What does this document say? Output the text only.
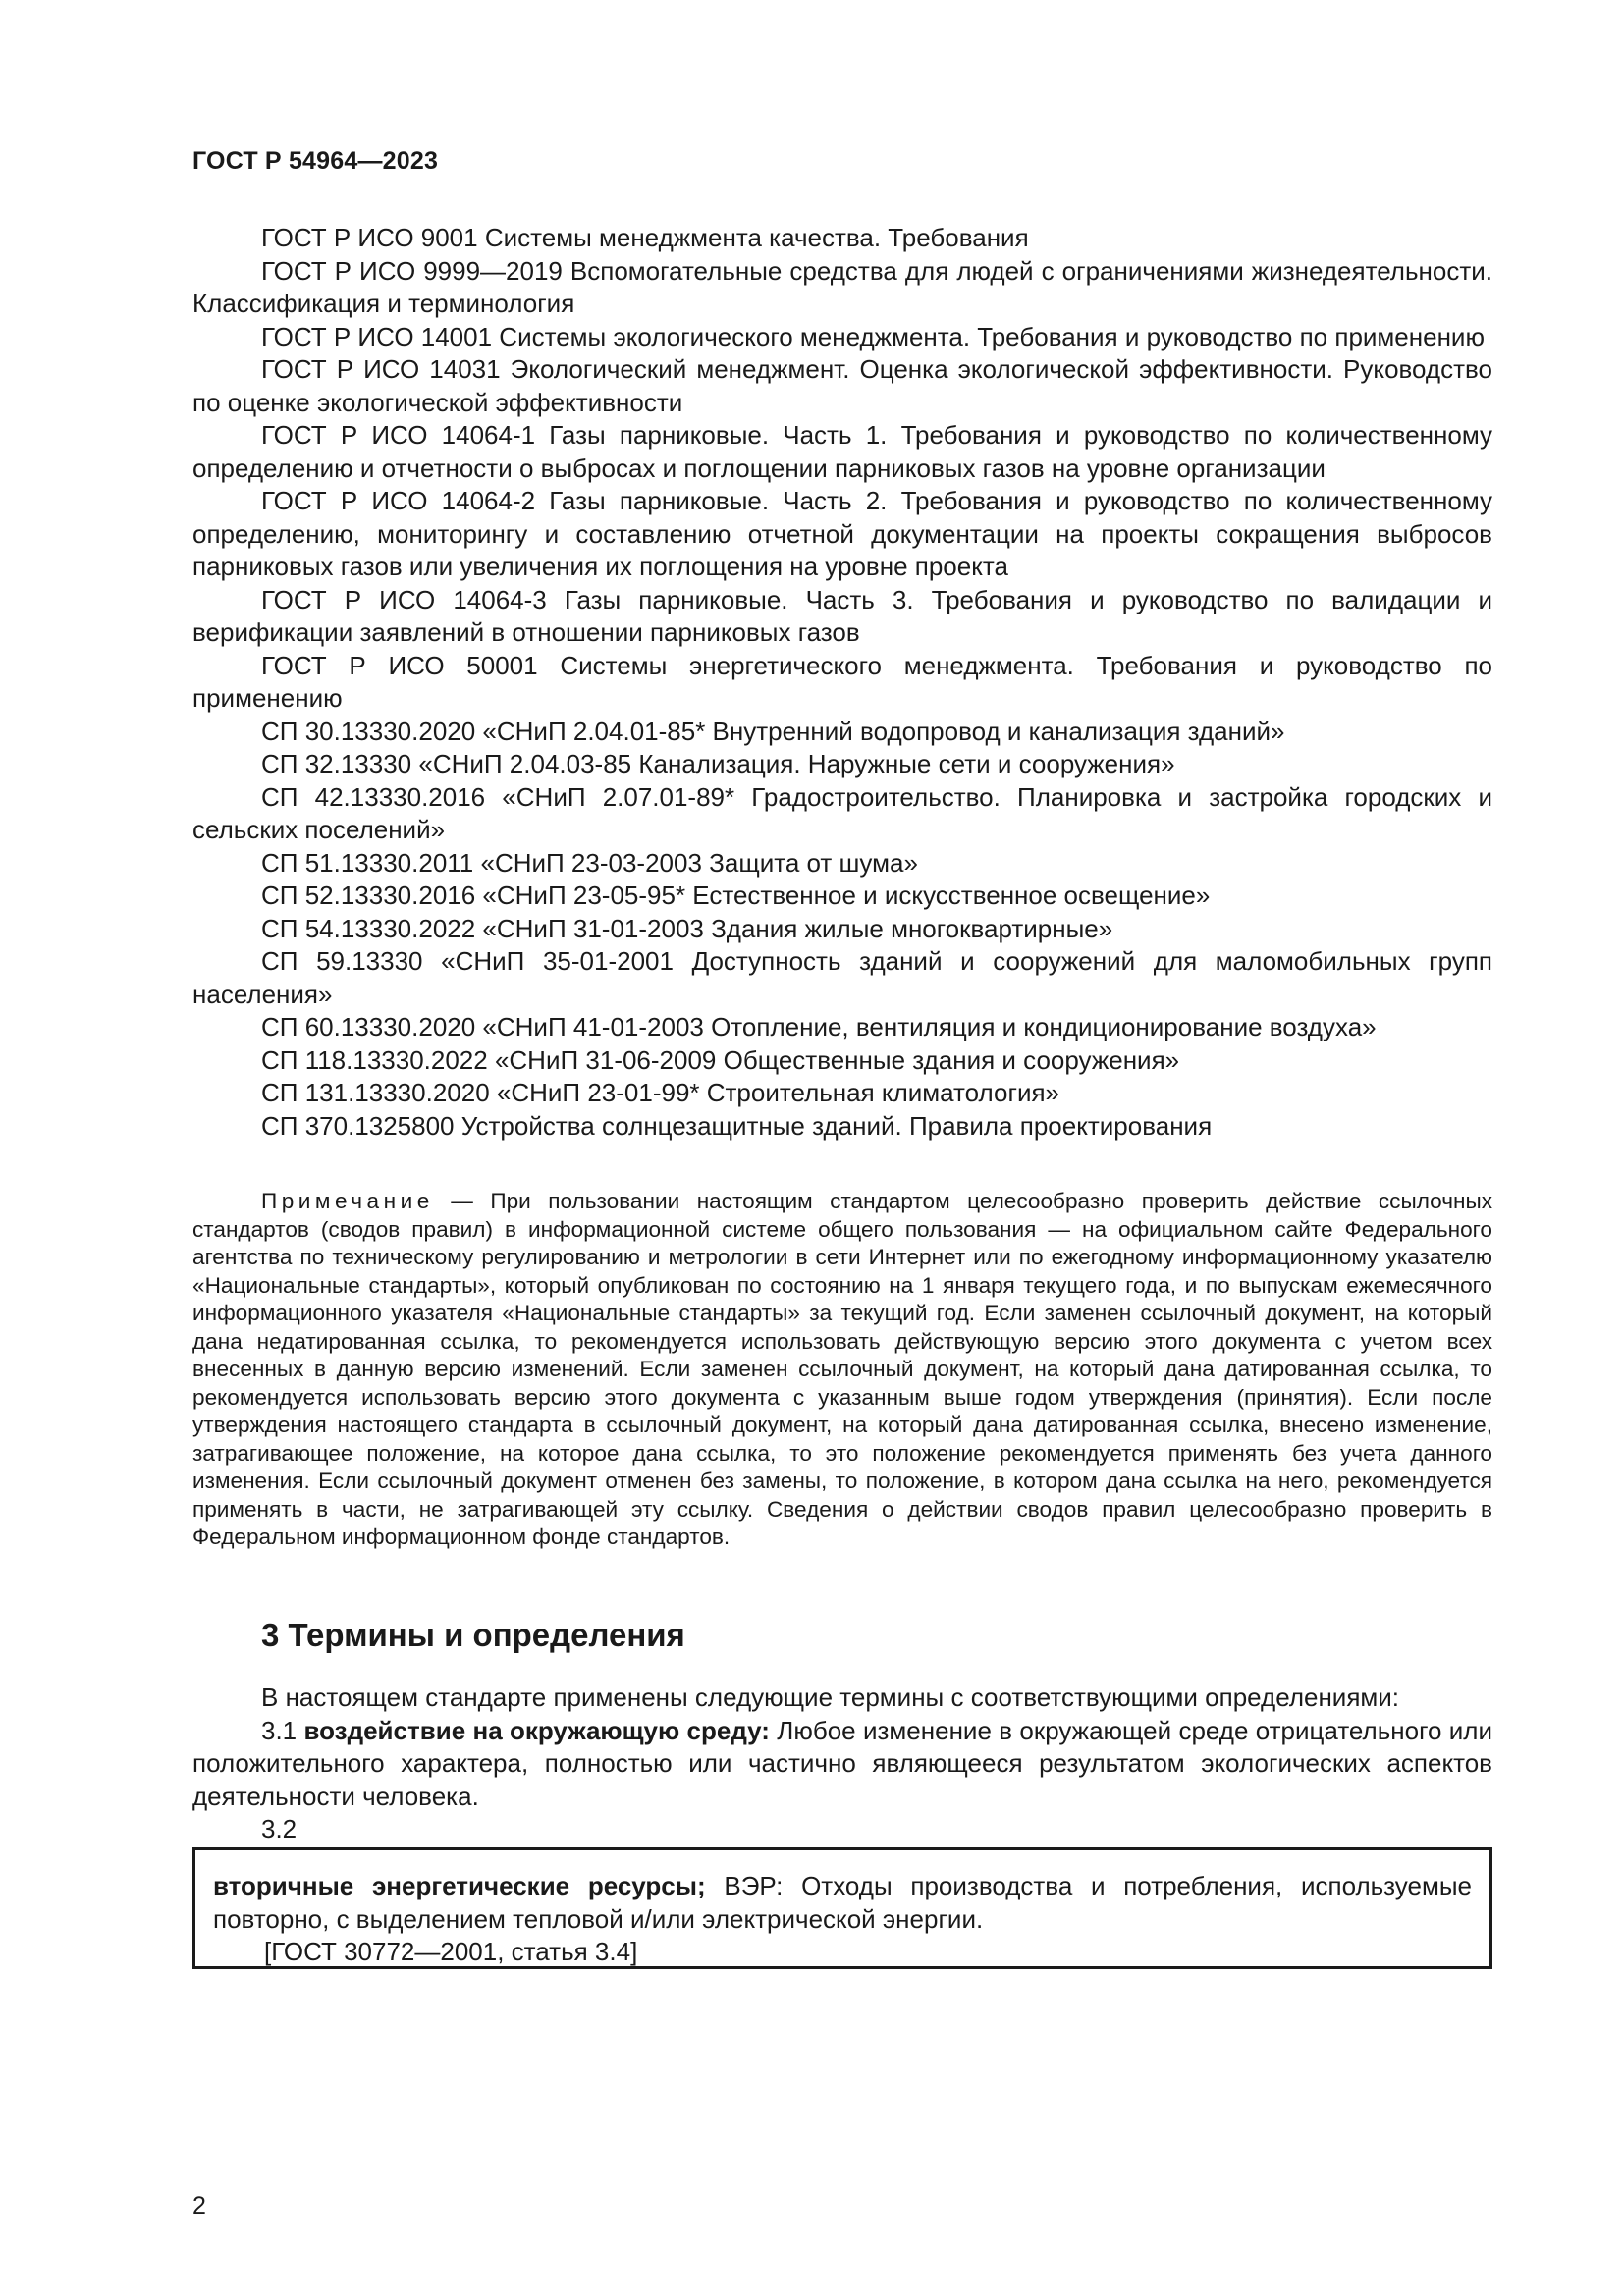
ГОСТ Р 54964—2023

ГОСТ Р ИСО 9001 Системы менеджмента качества. Требования

ГОСТ Р ИСО 9999—2019 Вспомогательные средства для людей с ограничениями жизнедеятельности. Классификация и терминология

ГОСТ Р ИСО 14001 Системы экологического менеджмента. Требования и руководство по применению

ГОСТ Р ИСО 14031 Экологический менеджмент. Оценка экологической эффективности. Руководство по оценке экологической эффективности

ГОСТ Р ИСО 14064-1 Газы парниковые. Часть 1. Требования и руководство по количественному определению и отчетности о выбросах и поглощении парниковых газов на уровне организации

ГОСТ Р ИСО 14064-2 Газы парниковые. Часть 2. Требования и руководство по количественному определению, мониторингу и составлению отчетной документации на проекты сокращения выбросов парниковых газов или увеличения их поглощения на уровне проекта

ГОСТ Р ИСО 14064-3 Газы парниковые. Часть 3. Требования и руководство по валидации и верификации заявлений в отношении парниковых газов

ГОСТ Р ИСО 50001 Системы энергетического менеджмента. Требования и руководство по применению

СП 30.13330.2020 «СНиП 2.04.01-85* Внутренний водопровод и канализация зданий»

СП 32.13330 «СНиП 2.04.03-85 Канализация. Наружные сети и сооружения»

СП 42.13330.2016 «СНиП 2.07.01-89* Градостроительство. Планировка и застройка городских и сельских поселений»

СП 51.13330.2011 «СНиП 23-03-2003 Защита от шума»

СП 52.13330.2016 «СНиП 23-05-95* Естественное и искусственное освещение»

СП 54.13330.2022 «СНиП 31-01-2003 Здания жилые многоквартирные»

СП 59.13330 «СНиП 35-01-2001 Доступность зданий и сооружений для маломобильных групп населения»

СП 60.13330.2020 «СНиП 41-01-2003 Отопление, вентиляция и кондиционирование воздуха»

СП 118.13330.2022 «СНиП 31-06-2009 Общественные здания и сооружения»

СП 131.13330.2020 «СНиП 23-01-99* Строительная климатология»

СП 370.1325800 Устройства солнцезащитные зданий. Правила проектирования

Примечание — При пользовании настоящим стандартом целесообразно проверить действие ссылочных стандартов (сводов правил) в информационной системе общего пользования — на официальном сайте Федерального агентства по техническому регулированию и метрологии в сети Интернет или по ежегодному информационному указателю «Национальные стандарты», который опубликован по состоянию на 1 января текущего года, и по выпускам ежемесячного информационного указателя «Национальные стандарты» за текущий год. Если заменен ссылочный документ, на который дана недатированная ссылка, то рекомендуется использовать действующую версию этого документа с учетом всех внесенных в данную версию изменений. Если заменен ссылочный документ, на который дана датированная ссылка, то рекомендуется использовать версию этого документа с указанным выше годом утверждения (принятия). Если после утверждения настоящего стандарта в ссылочный документ, на который дана датированная ссылка, внесено изменение, затрагивающее положение, на которое дана ссылка, то это положение рекомендуется применять без учета данного изменения. Если ссылочный документ отменен без замены, то положение, в котором дана ссылка на него, рекомендуется применять в части, не затрагивающей эту ссылку. Сведения о действии сводов правил целесообразно проверить в Федеральном информационном фонде стандартов.

3 Термины и определения

В настоящем стандарте применены следующие термины с соответствующими определениями:

3.1 воздействие на окружающую среду: Любое изменение в окружающей среде отрицательного или положительного характера, полностью или частично являющееся результатом экологических аспектов деятельности человека.

3.2

вторичные энергетические ресурсы; ВЭР: Отходы производства и потребления, используемые повторно, с выделением тепловой и/или электрической энергии.

[ГОСТ 30772—2001, статья 3.4]

2
